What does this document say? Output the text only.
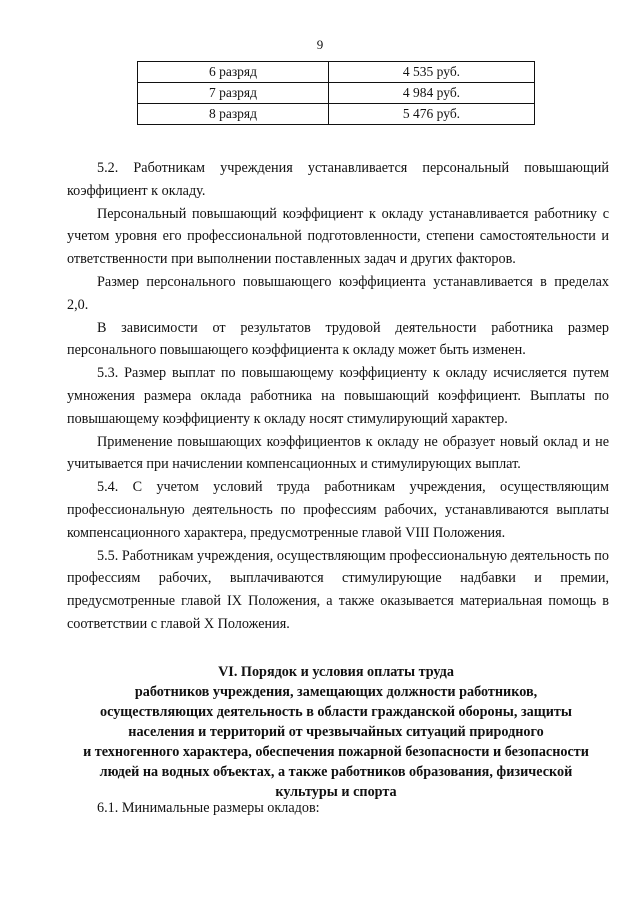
9
6 разряд	4 535 руб.
7 разряд	4 984 руб.
8 разряд	5 476 руб.

5.2. Работникам учреждения устанавливается персональный повышающий коэффициент к окладу.

Персональный повышающий коэффициент к окладу устанавливается работнику с учетом уровня его профессиональной подготовленности, степени самостоятельности и ответственности при выполнении поставленных задач и других факторов.

Размер персонального повышающего коэффициента устанавливается в пределах 2,0.

В зависимости от результатов трудовой деятельности работника размер персонального повышающего коэффициента к окладу может быть изменен.

5.3. Размер выплат по повышающему коэффициенту к окладу исчисляется путем умножения размера оклада работника на повышающий коэффициент. Выплаты по повышающему коэффициенту к окладу носят стимулирующий характер.

Применение повышающих коэффициентов к окладу не образует новый оклад и не учитывается при начислении компенсационных и стимулирующих выплат.

5.4. С учетом условий труда работникам учреждения, осуществляющим профессиональную деятельность по профессиям рабочих, устанавливаются выплаты компенсационного характера, предусмотренные главой VIII Положения.

5.5. Работникам учреждения, осуществляющим профессиональную деятельность по профессиям рабочих, выплачиваются стимулирующие надбавки и премии, предусмотренные главой IX Положения, а также оказывается материальная помощь в соответствии с главой X Положения.

VI. Порядок и условия оплаты труда
работников учреждения, замещающих должности работников,
осуществляющих деятельность в области гражданской обороны, защиты
населения и территорий от чрезвычайных ситуаций природного
и техногенного характера, обеспечения пожарной безопасности и безопасности
людей на водных объектах, а также работников образования, физической
культуры и спорта
6.1. Минимальные размеры окладов:
